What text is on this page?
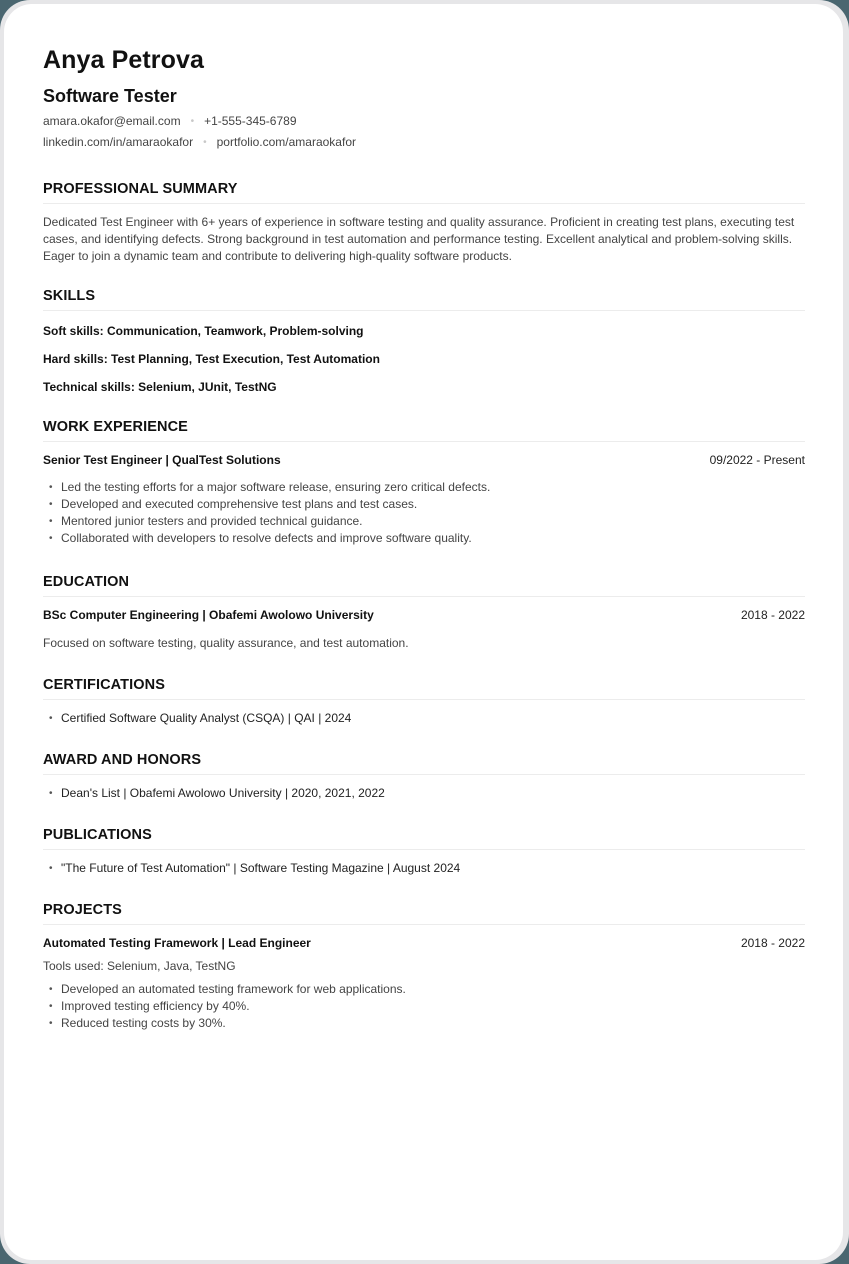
Anya Petrova
Software Tester
amara.okafor@email.com • +1-555-345-6789
linkedin.com/in/amaraokafor • portfolio.com/amaraokafor
PROFESSIONAL SUMMARY
Dedicated Test Engineer with 6+ years of experience in software testing and quality assurance. Proficient in creating test plans, executing test cases, and identifying defects. Strong background in test automation and performance testing. Excellent analytical and problem-solving skills. Eager to join a dynamic team and contribute to delivering high-quality software products.
SKILLS
Soft skills: Communication, Teamwork, Problem-solving
Hard skills: Test Planning, Test Execution, Test Automation
Technical skills: Selenium, JUnit, TestNG
WORK EXPERIENCE
Senior Test Engineer | QualTest Solutions	09/2022 - Present
• Led the testing efforts for a major software release, ensuring zero critical defects.
• Developed and executed comprehensive test plans and test cases.
• Mentored junior testers and provided technical guidance.
• Collaborated with developers to resolve defects and improve software quality.
EDUCATION
BSc Computer Engineering | Obafemi Awolowo University	2018 - 2022
Focused on software testing, quality assurance, and test automation.
CERTIFICATIONS
• Certified Software Quality Analyst (CSQA) | QAI | 2024
AWARD AND HONORS
• Dean's List | Obafemi Awolowo University | 2020, 2021, 2022
PUBLICATIONS
• "The Future of Test Automation" | Software Testing Magazine | August 2024
PROJECTS
Automated Testing Framework | Lead Engineer	2018 - 2022
Tools used: Selenium, Java, TestNG
• Developed an automated testing framework for web applications.
• Improved testing efficiency by 40%.
• Reduced testing costs by 30%.
